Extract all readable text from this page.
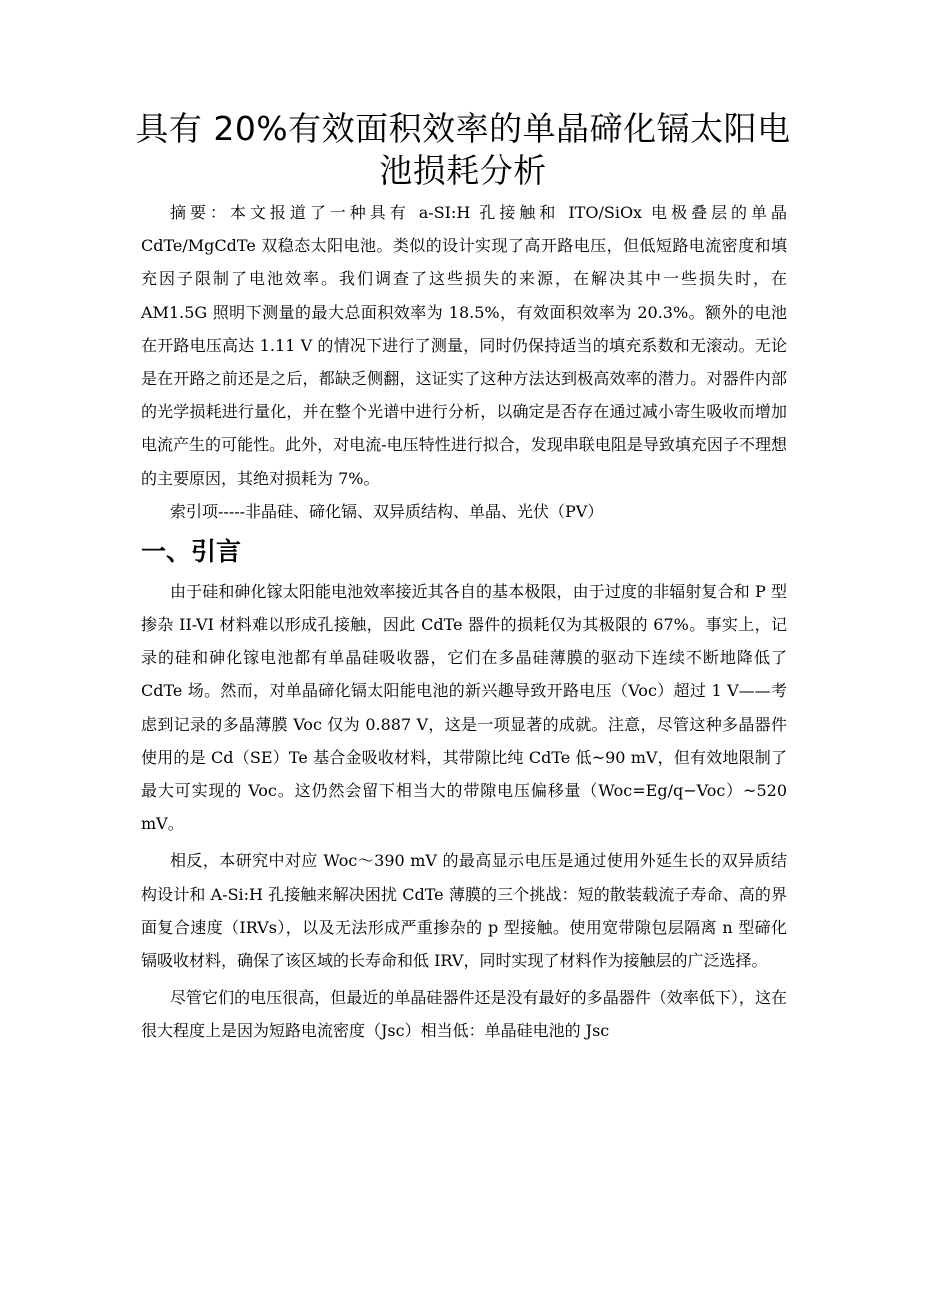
具有 20%有效面积效率的单晶碲化镉太阳电池损耗分析

摘要：本文报道了一种具有 a-SI:H 孔接触和 ITO/SiOx 电极叠层的单晶 CdTe/MgCdTe 双稳态太阳电池。类似的设计实现了高开路电压，但低短路电流密度和填充因子限制了电池效率。我们调查了这些损失的来源，在解决其中一些损失时，在 AM1.5G 照明下测量的最大总面积效率为 18.5%，有效面积效率为 20.3%。额外的电池在开路电压高达 1.11 V 的情况下进行了测量，同时仍保持适当的填充系数和无滚动。无论是在开路之前还是之后，都缺乏侧翻，这证实了这种方法达到极高效率的潜力。对器件内部的光学损耗进行量化，并在整个光谱中进行分析，以确定是否存在通过减小寄生吸收而增加电流产生的可能性。此外，对电流-电压特性进行拟合，发现串联电阻是导致填充因子不理想的主要原因，其绝对损耗为 7%。

索引项-----非晶硅、碲化镉、双异质结构、单晶、光伏（PV）

一、引言

由于硅和砷化镓太阳能电池效率接近其各自的基本极限，由于过度的非辐射复合和 P 型掺杂 II-VI 材料难以形成孔接触，因此 CdTe 器件的损耗仅为其极限的 67%。事实上，记录的硅和砷化镓电池都有单晶硅吸收器，它们在多晶硅薄膜的驱动下连续不断地降低了 CdTe 场。然而，对单晶碲化镉太阳能电池的新兴趣导致开路电压（Voc）超过 1 V——考虑到记录的多晶薄膜 Voc 仅为 0.887 V，这是一项显著的成就。注意，尽管这种多晶器件使用的是 Cd（SE）Te 基合金吸收材料，其带隙比纯 CdTe 低~90 mV，但有效地限制了最大可实现的 Voc。这仍然会留下相当大的带隙电压偏移量（Woc=Eg/q−Voc）~520 mV。

相反，本研究中对应 Woc～390 mV 的最高显示电压是通过使用外延生长的双异质结构设计和 A-Si:H 孔接触来解决困扰 CdTe 薄膜的三个挑战：短的散装载流子寿命、高的界面复合速度（IRVs），以及无法形成严重掺杂的 p 型接触。使用宽带隙包层隔离 n 型碲化镉吸收材料，确保了该区域的长寿命和低 IRV，同时实现了材料作为接触层的广泛选择。

尽管它们的电压很高，但最近的单晶硅器件还是没有最好的多晶器件（效率低下），这在很大程度上是因为短路电流密度（Jsc）相当低：单晶硅电池的 Jsc
